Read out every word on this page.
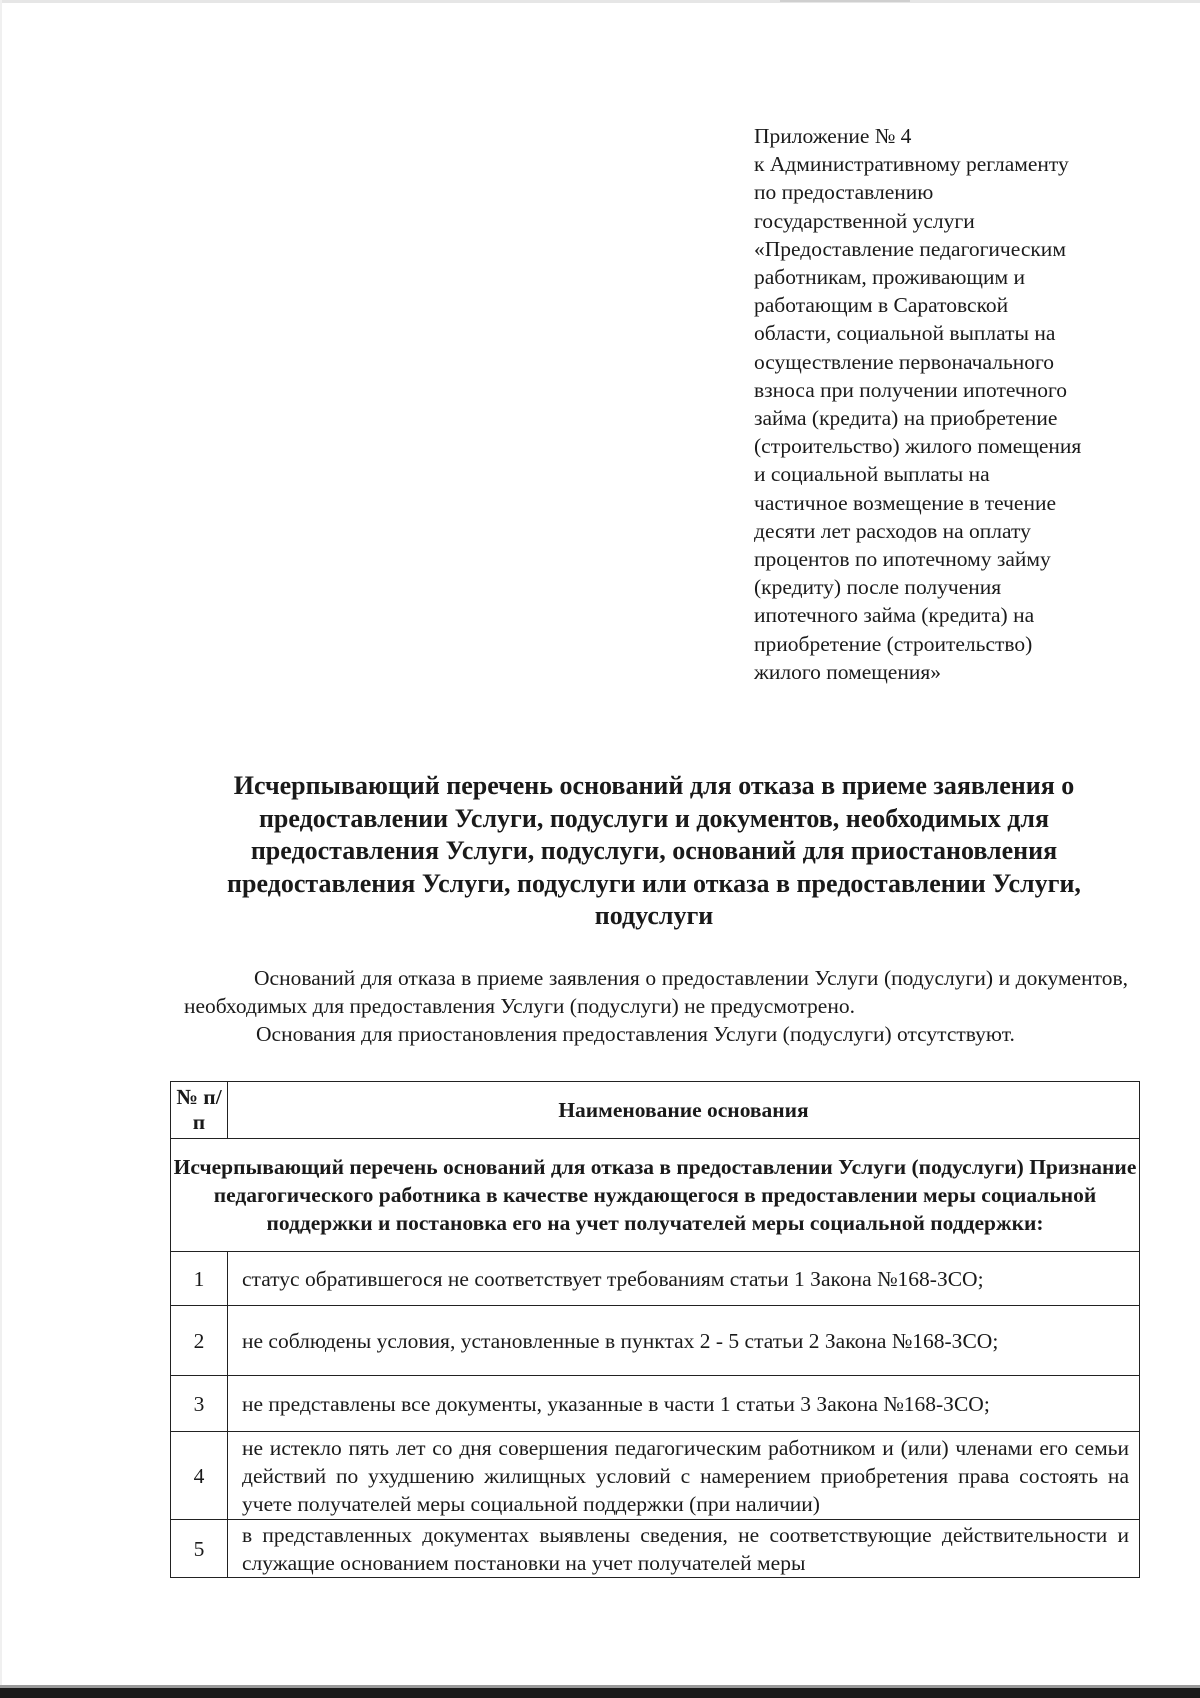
Приложение № 4
к Административному регламенту
по предоставлению
государственной услуги
«Предоставление педагогическим
работникам, проживающим и
работающим в Саратовской
области, социальной выплаты на
осуществление первоначального
взноса при получении ипотечного
займа (кредита) на приобретение
(строительство) жилого помещения
и социальной выплаты на
частичное возмещение в течение
десяти лет расходов на оплату
процентов по ипотечному займу
(кредиту) после получения
ипотечного займа (кредита) на
приобретение (строительство)
жилого помещения»
Исчерпывающий перечень оснований для отказа в приеме заявления о предоставлении Услуги, подуслуги и документов, необходимых для предоставления Услуги, подуслуги, оснований для приостановления предоставления Услуги, подуслуги или отказа в предоставлении Услуги, подуслуги
Оснований для отказа в приеме заявления о предоставлении Услуги (подуслуги) и документов, необходимых для предоставления Услуги (подуслуги) не предусмотрено.
Основания для приостановления предоставления Услуги (подуслуги) отсутствуют.
№ п/п	Наименование основания
Исчерпывающий перечень оснований для отказа в предоставлении Услуги (подуслуги) Признание педагогического работника в качестве нуждающегося в предоставлении меры социальной поддержки и постановка его на учет получателей меры социальной поддержки:	
1	статус обратившегося не соответствует требованиям статьи 1 Закона №168-ЗСО;
2	не соблюдены условия, установленные в пунктах 2 - 5 статьи 2 Закона №168-ЗСО;
3	не представлены все документы, указанные в части 1 статьи 3 Закона №168-ЗСО;
4	не истекло пять лет со дня совершения педагогическим работником и (или) членами его семьи действий по ухудшению жилищных условий с намерением приобретения права состоять на учете получателей меры социальной поддержки (при наличии)
5	в представленных документах выявлены сведения, не соответствующие действительности и служащие основанием постановки на учет получателей меры
